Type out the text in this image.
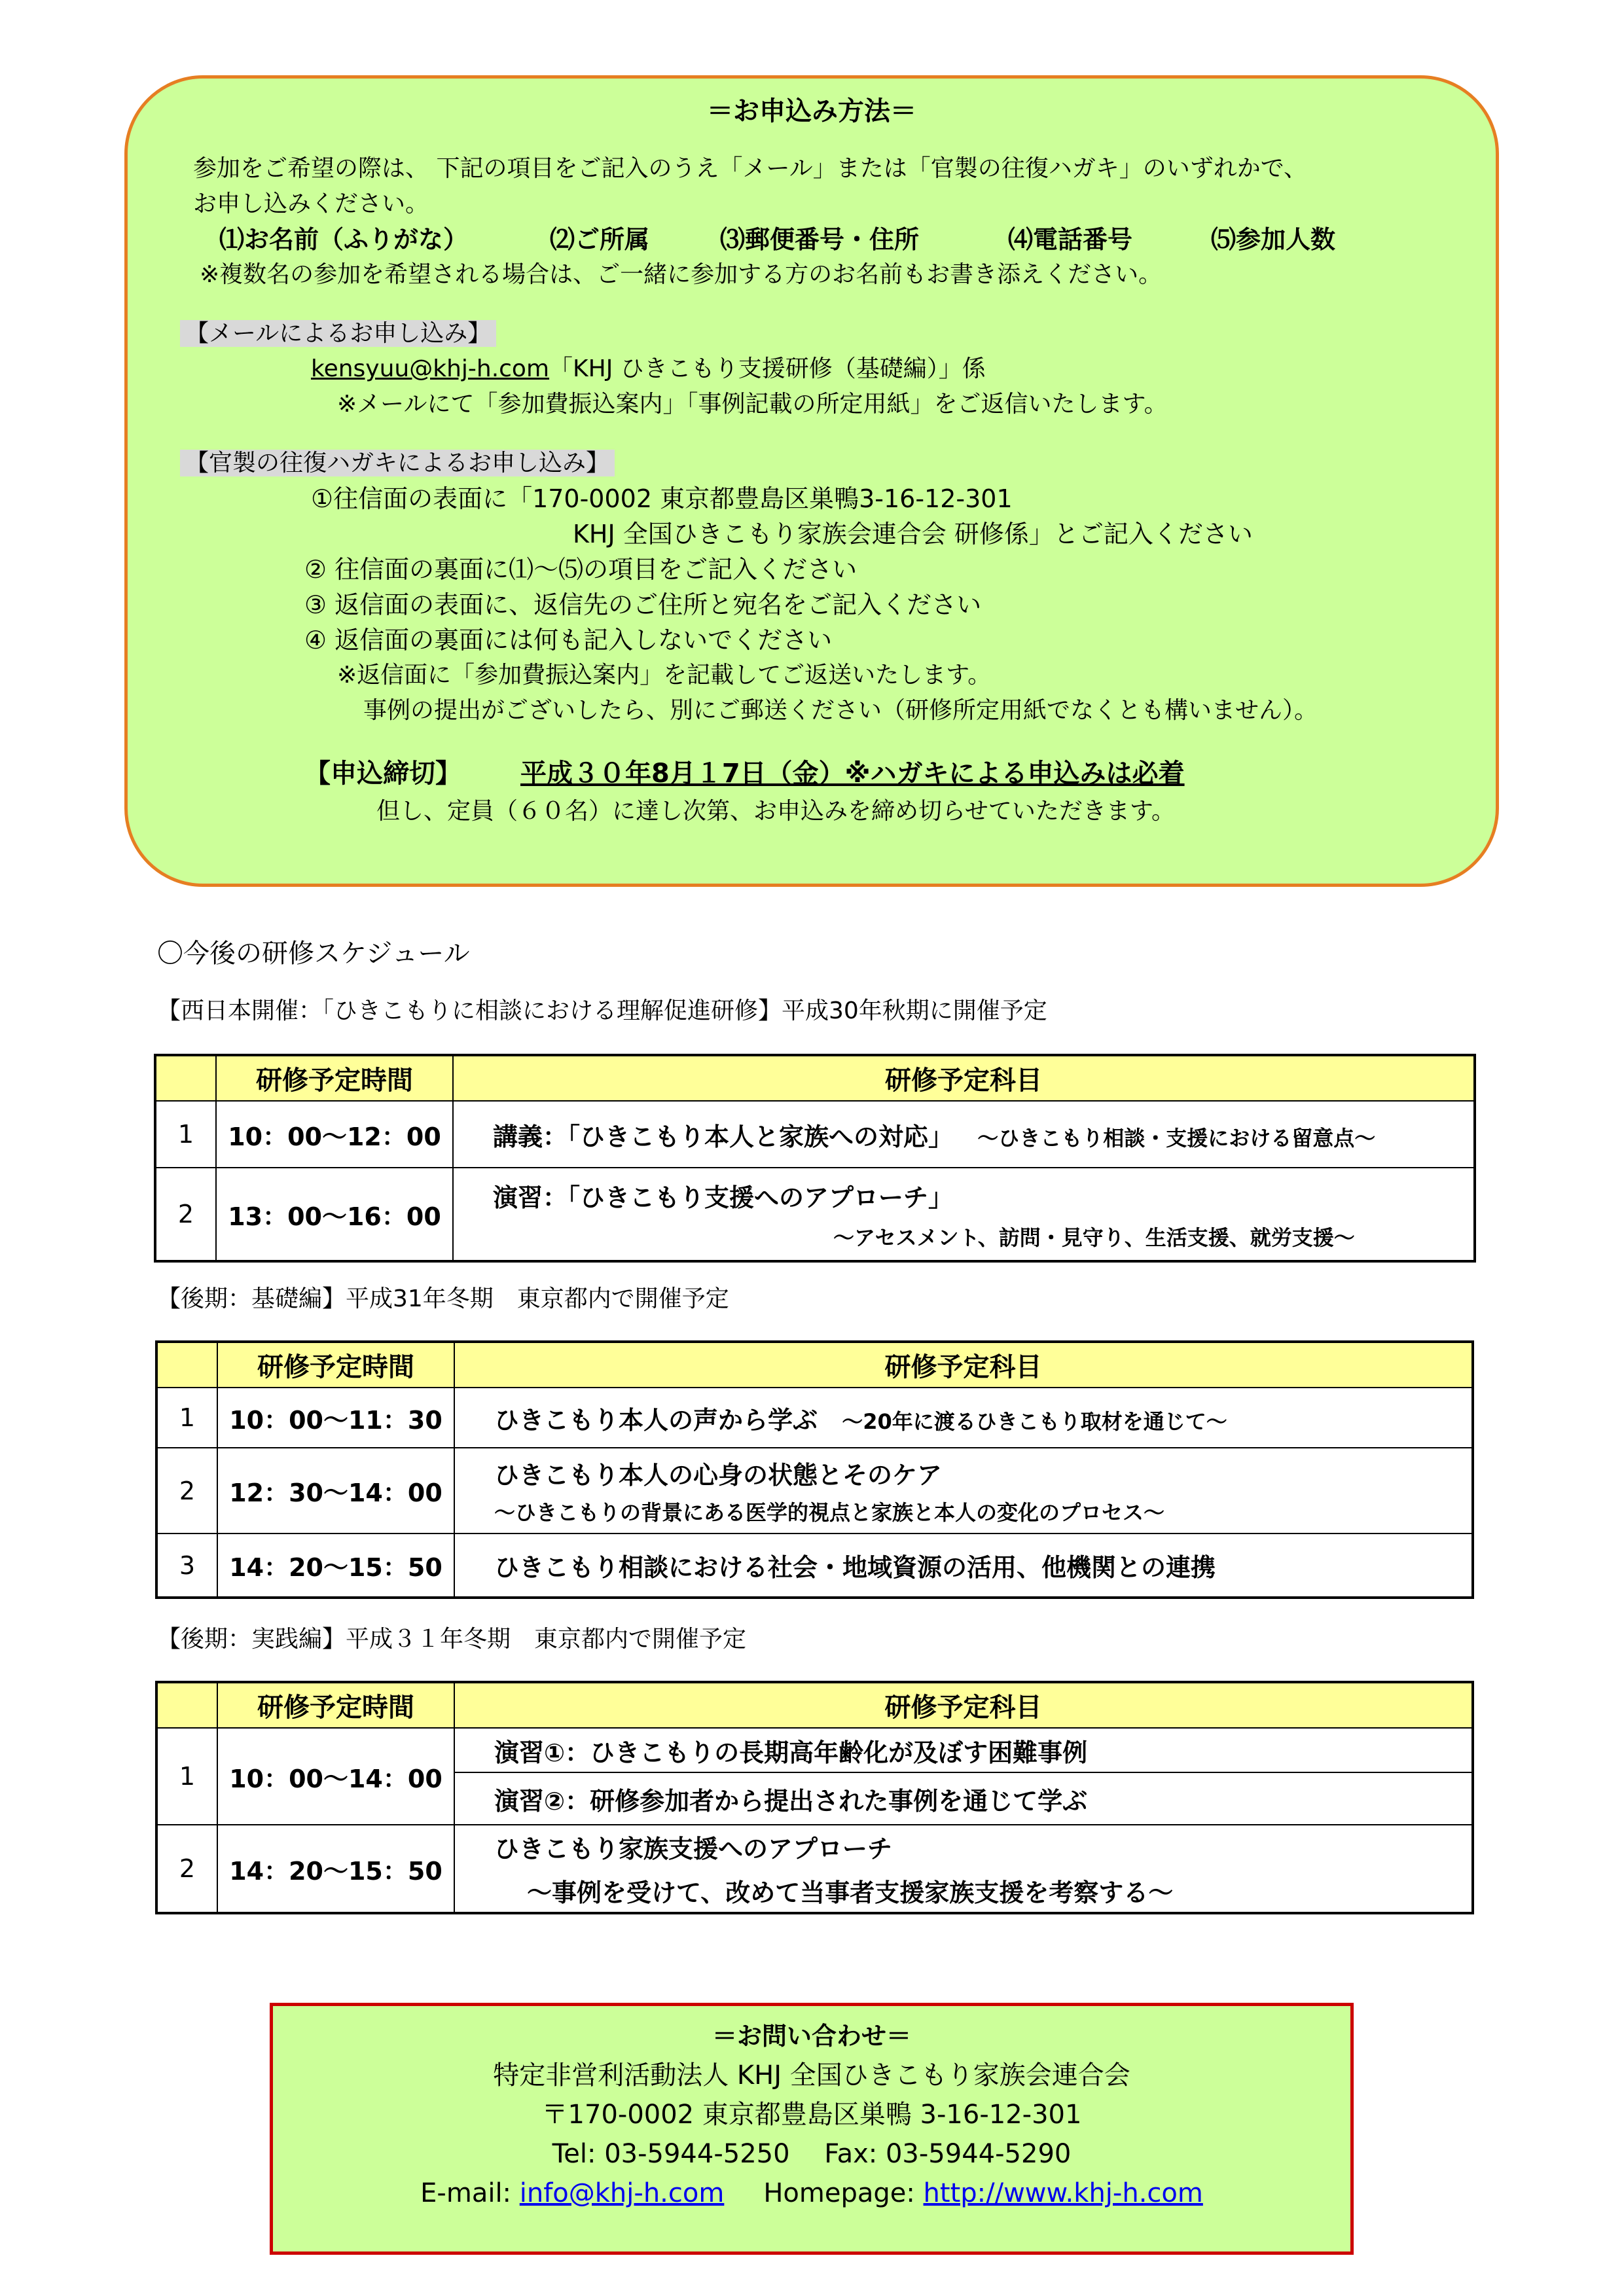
＝お申込み方法＝
参加をご希望の際は、 下記の項目をご記入のうえ「メール」または「官製の往復ハガキ」のいずれかで、
お申し込みください。
⑴お名前（ふりがな）	⑵ご所属	⑶郵便番号・住所	⑷電話番号	⑸参加人数
※複数名の参加を希望される場合は、ご一緒に参加する方のお名前もお書き添えください。
【メールによるお申し込み】
kensyuu@khj-h.com「KHJ ひきこもり支援研修（基礎編）」係
※メールにて「参加費振込案内」「事例記載の所定用紙」をご返信いたします。
【官製の往復ハガキによるお申し込み】
①往信面の表面に「170-0002 東京都豊島区巣鴨3-16-12-301
KHJ 全国ひきこもり家族会連合会 研修係」とご記入ください
② 往信面の裏面に⑴～⑸の項目をご記入ください
③ 返信面の表面に、返信先のご住所と宛名をご記入ください
④ 返信面の裏面には何も記入しないでください
※返信面に「参加費振込案内」を記載してご返送いたします。
事例の提出がございしたら、別にご郵送ください（研修所定用紙でなくとも構いません）。
【申込締切】 平成３０年8月１7日（金）※ハガキによる申込みは必着
但し、定員（６０名）に達し次第、お申込みを締め切らせていただきます。
〇今後の研修スケジュール
【西日本開催：「ひきこもりに相談における理解促進研修】平成30年秋期に開催予定
	研修予定時間	研修予定科目
1	10：00～12：00	講義：「ひきこもり本人と家族への対応」 ～ひきこもり相談・支援における留意点～
2	13：00～16：00	演習：「ひきこもり支援へのアプローチ」
～アセスメント、訪問・見守り、生活支援、就労支援～
【後期：基礎編】平成31年冬期　東京都内で開催予定
	研修予定時間	研修予定科目
1	10：00～11：30	ひきこもり本人の声から学ぶ ～20年に渡るひきこもり取材を通じて～
2	12：30～14：00	ひきこもり本人の心身の状態とそのケア
～ひきこもりの背景にある医学的視点と家族と本人の変化のプロセス～

3	14：20～15：50	ひきこもり相談における社会・地域資源の活用、他機関との連携
【後期：実践編】平成３１年冬期　東京都内で開催予定
	研修予定時間	研修予定科目
1	10：00～14：00	演習①：ひきこもりの長期高年齢化が及ぼす困難事例
		演習②：研修参加者から提出された事例を通じて学ぶ
2	14：20～15：50	ひきこもり家族支援へのアプローチ
～事例を受けて、改めて当事者支援家族支援を考察する～
＝お問い合わせ＝
特定非営利活動法人 KHJ 全国ひきこもり家族会連合会
〒170-0002 東京都豊島区巣鴨 3-16-12-301
Tel: 03-5944-5250　 Fax: 03-5944-5290
E-mail: info@khj-h.com Homepage: http://www.khj-h.com
